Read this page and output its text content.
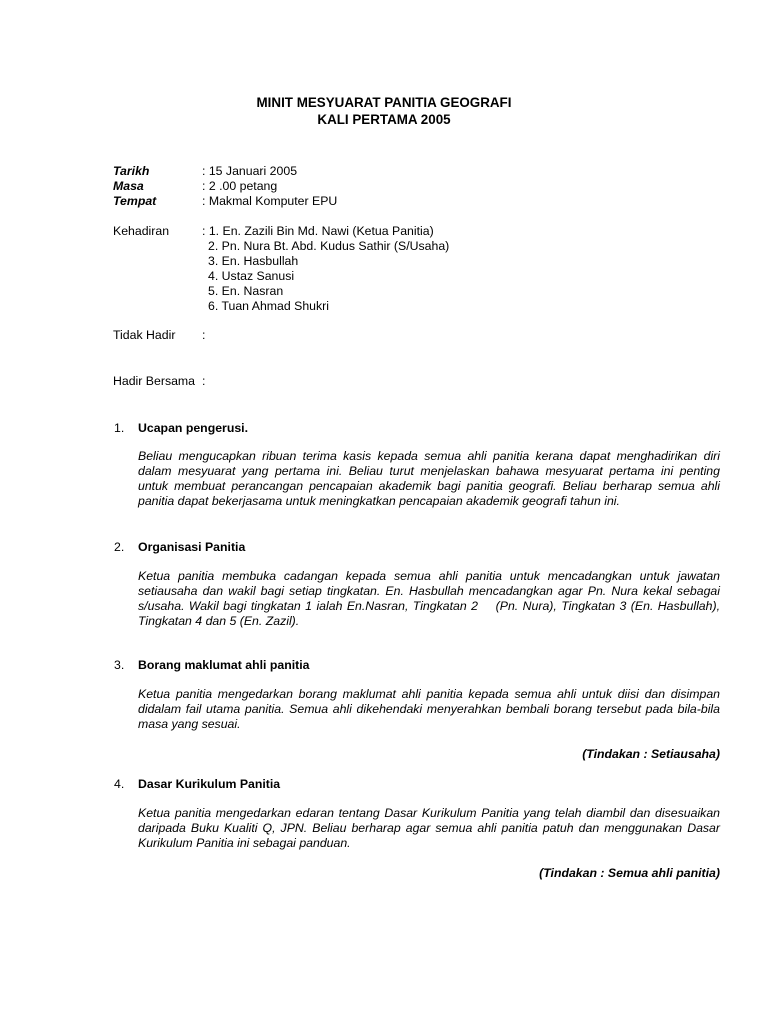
MINIT MESYUARAT PANITIA GEOGRAFI
KALI PERTAMA 2005
Tarikh	: 15 Januari 2005
Masa	: 2 .00 petang
Tempat	: Makmal Komputer EPU
Kehadiran	: 1. En. Zazili Bin Md. Nawi (Ketua Panitia)
2. Pn. Nura Bt. Abd. Kudus Sathir (S/Usaha)
3. En. Hasbullah
4. Ustaz Sanusi
5. En. Nasran
6. Tuan Ahmad Shukri
Tidak Hadir :
Hadir Bersama :
1. Ucapan pengerusi.
Beliau mengucapkan ribuan terima kasis kepada semua ahli panitia kerana dapat menghadirikan diri
dalam mesyuarat yang pertama ini. Beliau turut menjelaskan bahawa mesyuarat pertama ini penting
untuk membuat perancangan pencapaian akademik bagi panitia geografi. Beliau berharap semua ahli
panitia dapat bekerjasama untuk meningkatkan pencapaian akademik geografi tahun ini.
2. Organisasi Panitia
Ketua panitia membuka cadangan kepada semua ahli panitia untuk mencadangkan untuk jawatan
setiausaha dan wakil bagi setiap tingkatan. En. Hasbullah mencadangkan agar Pn. Nura kekal sebagai
s/usaha. Wakil bagi tingkatan 1 ialah En.Nasran, Tingkatan 2    (Pn. Nura), Tingkatan 3 (En. Hasbullah),
Tingkatan 4 dan 5 (En. Zazil).
3. Borang maklumat ahli panitia
Ketua panitia mengedarkan borang maklumat ahli panitia kepada semua ahli untuk diisi dan disimpan
didalam fail utama panitia. Semua ahli dikehendaki menyerahkan bembali borang tersebut pada bila-bila
masa yang sesuai.
(Tindakan : Setiausaha)
4. Dasar Kurikulum Panitia
Ketua panitia mengedarkan edaran tentang Dasar Kurikulum Panitia yang telah diambil dan disesuaikan
daripada Buku Kualiti Q, JPN. Beliau berharap agar semua ahli panitia patuh dan menggunakan Dasar
Kurikulum Panitia ini sebagai panduan.
(Tindakan : Semua ahli panitia)
